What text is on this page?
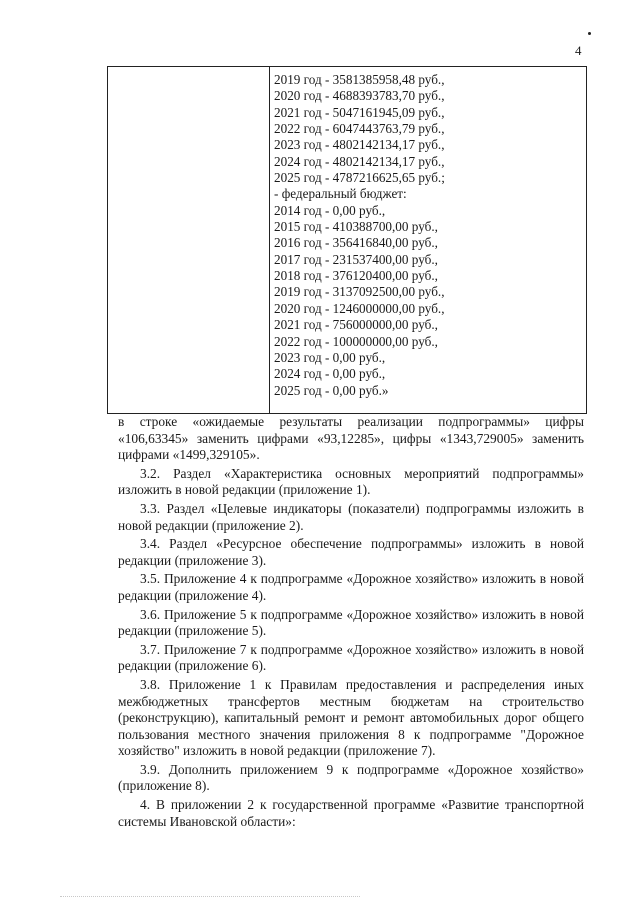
4
2019 год - 3581385958,48 руб.,
2020 год - 4688393783,70 руб.,
2021 год - 5047161945,09 руб.,
2022 год - 6047443763,79 руб.,
2023 год - 4802142134,17 руб.,
2024 год - 4802142134,17 руб.,
2025 год - 4787216625,65 руб.;
- федеральный бюджет:
2014 год - 0,00 руб.,
2015 год - 410388700,00 руб.,
2016 год - 356416840,00 руб.,
2017 год - 231537400,00 руб.,
2018 год - 376120400,00 руб.,
2019 год - 3137092500,00 руб.,
2020 год - 1246000000,00 руб.,
2021 год - 756000000,00 руб.,
2022 год - 100000000,00 руб.,
2023 год - 0,00 руб.,
2024 год - 0,00 руб.,
2025 год - 0,00 руб.»

в строке «ожидаемые результаты реализации подпрограммы» цифры «106,63345» заменить цифрами «93,12285», цифры «1343,729005» заменить цифрами «1499,329105».

3.2. Раздел «Характеристика основных мероприятий подпрограммы» изложить в новой редакции (приложение 1).

3.3. Раздел «Целевые индикаторы (показатели) подпрограммы изложить в новой редакции (приложение 2).

3.4. Раздел «Ресурсное обеспечение подпрограммы» изложить в новой редакции (приложение 3).

3.5. Приложение 4 к подпрограмме «Дорожное хозяйство» изложить в новой редакции (приложение 4).

3.6. Приложение 5 к подпрограмме «Дорожное хозяйство» изложить в новой редакции (приложение 5).

3.7. Приложение 7 к подпрограмме «Дорожное хозяйство» изложить в новой редакции (приложение 6).

3.8. Приложение 1 к Правилам предоставления и распределения иных межбюджетных трансфертов местным бюджетам на строительство (реконструкцию), капитальный ремонт и ремонт автомобильных дорог общего пользования местного значения приложения 8 к подпрограмме "Дорожное хозяйство" изложить в новой редакции (приложение 7).

3.9. Дополнить приложением 9 к подпрограмме «Дорожное хозяйство» (приложение 8).

4. В приложении 2 к государственной программе «Развитие транспортной системы Ивановской области»:
